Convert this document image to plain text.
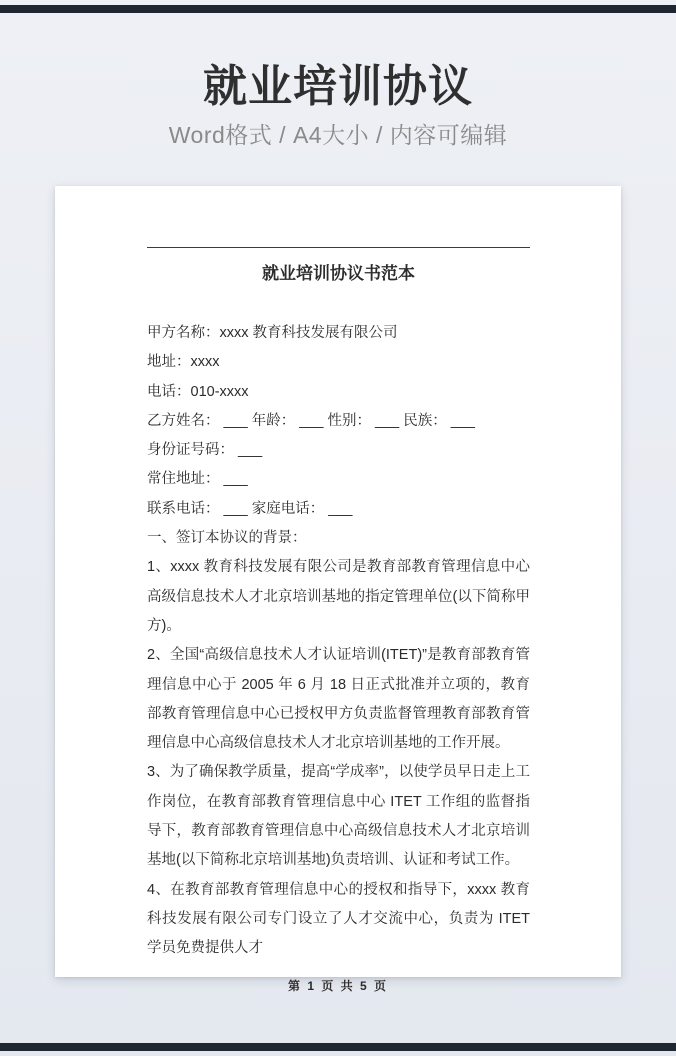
就业培训协议

Word格式 / A4大小 / 内容可编辑

就业培训协议书范本

甲方名称：xxxx 教育科技发展有限公司

地址：xxxx

电话：010-xxxx

乙方姓名： ___ 年龄： ___ 性别： ___ 民族： ___

身份证号码： ___

常住地址： ___

联系电话： ___ 家庭电话： ___

一、签订本协议的背景：

1、xxxx 教育科技发展有限公司是教育部教育管理信息中心高级信息技术人才北京培训基地的指定管理单位(以下简称甲方)。

2、全国“高级信息技术人才认证培训(ITET)”是教育部教育管理信息中心于 2005 年 6 月 18 日正式批准并立项的，教育部教育管理信息中心已授权甲方负责监督管理教育部教育管理信息中心高级信息技术人才北京培训基地的工作开展。

3、为了确保教学质量，提高“学成率”，以使学员早日走上工作岗位，在教育部教育管理信息中心 ITET 工作组的监督指导下，教育部教育管理信息中心高级信息技术人才北京培训基地(以下简称北京培训基地)负责培训、认证和考试工作。

4、在教育部教育管理信息中心的授权和指导下，xxxx 教育科技发展有限公司专门设立了人才交流中心，负责为 ITET 学员免费提供人才

第 1 页 共 5 页
